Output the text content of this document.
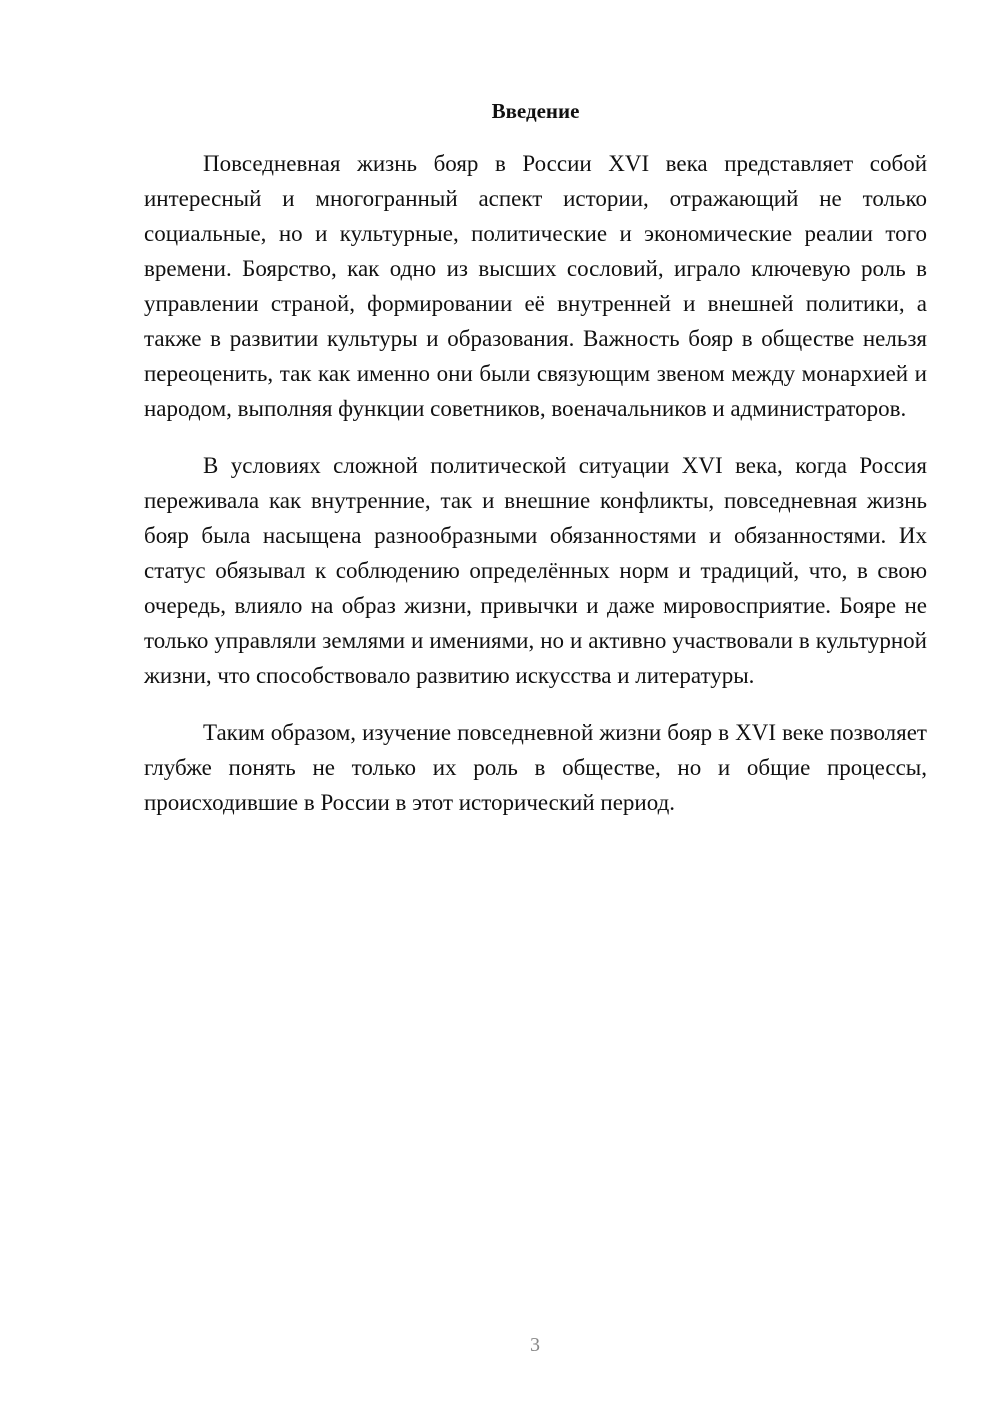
Введение

Повседневная жизнь бояр в России XVI века представляет собой интересный и многогранный аспект истории, отражающий не только социальные, но и культурные, политические и экономические реалии того времени. Боярство, как одно из высших сословий, играло ключевую роль в управлении страной, формировании её внутренней и внешней политики, а также в развитии культуры и образования. Важность бояр в обществе нельзя переоценить, так как именно они были связующим звеном между монархией и народом, выполняя функции советников, военачальников и администраторов.

В условиях сложной политической ситуации XVI века, когда Россия переживала как внутренние, так и внешние конфликты, повседневная жизнь бояр была насыщена разнообразными обязанностями и обязанностями. Их статус обязывал к соблюдению определённых норм и традиций, что, в свою очередь, влияло на образ жизни, привычки и даже мировосприятие. Бояре не только управляли землями и имениями, но и активно участвовали в культурной жизни, что способствовало развитию искусства и литературы.

Таким образом, изучение повседневной жизни бояр в XVI веке позволяет глубже понять не только их роль в обществе, но и общие процессы, происходившие в России в этот исторический период.

3
